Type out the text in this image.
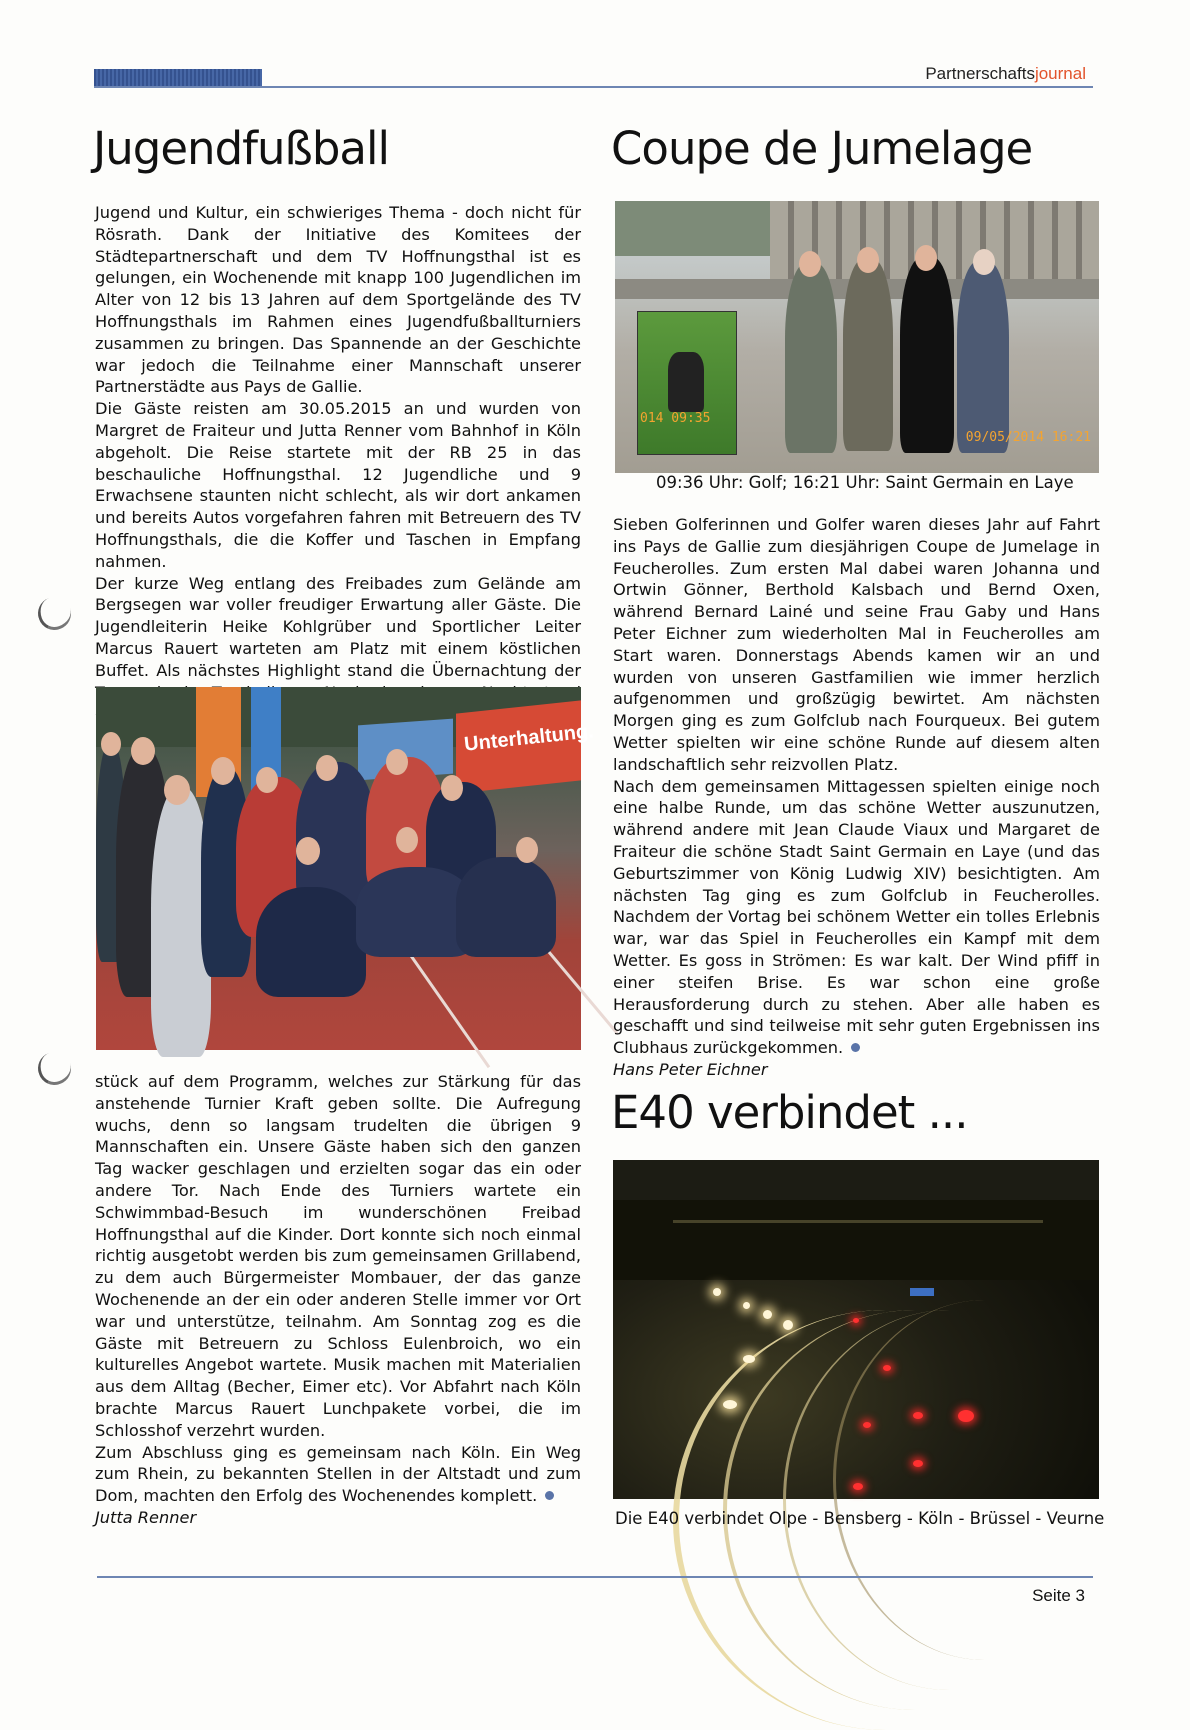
Partnerschaftsjournal
Jugendfußball

Jugend und Kultur, ein schwieriges Thema - doch nicht für Rösrath. Dank der Initiative des Komitees der Städtepartnerschaft und dem TV Hoffnungsthal ist es gelungen, ein Wochenende mit knapp 100 Jugendlichen im Alter von 12 bis 13 Jahren auf dem Sportgelände des TV Hoffnungsthals im Rahmen eines Jugendfußballturniers zusammen zu bringen. Das Spannende an der Geschichte war jedoch die Teilnahme einer Mannschaft unserer Partnerstädte aus Pays de Gallie.

Die Gäste reisten am 30.05.2015 an und wurden von Margret de Fraiteur und Jutta Renner vom Bahnhof in Köln abgeholt. Die Reise startete mit der RB 25 in das beschauliche Hoffnungsthal. 12 Jugendliche und 9 Erwachsene staunten nicht schlecht, als wir dort ankamen und bereits Autos vorgefahren fahren mit Betreuern des TV Hoffnungsthals, die die Koffer und Taschen in Empfang nahmen.

Der kurze Weg entlang des Freibades zum Gelände am Bergsegen war voller freudiger Erwartung aller Gäste. Die Jugendleiterin Heike Kohlgrüber und Sportlicher Leiter Marcus Rauert warteten am Platz mit einem köstlichen Buffet. Als nächstes Highlight stand die Übernachtung der

Unterhaltung.

stück auf dem Programm, welches zur Stärkung für das anstehende Turnier Kraft geben sollte. Die Aufregung wuchs, denn so langsam trudelten die übrigen 9 Mannschaften ein. Unsere Gäste haben sich den ganzen Tag wacker geschlagen und erzielten sogar das ein oder andere Tor. Nach Ende des Turniers wartete ein Schwimmbad-Besuch im wunderschönen Freibad Hoffnungsthal auf die Kinder. Dort konnte sich noch einmal richtig ausgetobt werden bis zum gemeinsamen Grillabend, zu dem auch Bürgermeister Mombauer, der das ganze Wochenende an der ein oder anderen Stelle immer vor Ort war und unterstütze, teilnahm. Am Sonntag zog es die Gäste mit Betreuern zu Schloss Eulenbroich, wo ein kulturelles Angebot wartete. Musik machen mit Materialien aus dem Alltag (Becher, Eimer etc). Vor Abfahrt nach Köln brachte Marcus Rauert Lunchpakete vorbei, die im Schlosshof verzehrt wurden.

Zum Abschluss ging es gemeinsam nach Köln. Ein Weg zum Rhein, zu bekannten Stellen in der Altstadt und zum Dom, machten den Erfolg des Wochenendes komplett.

Jutta Renner

Coupe de Jumelage
014 09:35
09/05/2014 16:21
09:36 Uhr: Golf; 16:21 Uhr: Saint Germain en Laye

Sieben Golferinnen und Golfer waren dieses Jahr auf Fahrt ins Pays de Gallie zum diesjährigen Coupe de Jumelage in Feucherolles. Zum ersten Mal dabei waren Johanna und Ortwin Gönner, Berthold Kalsbach und Bernd Oxen, während Bernard Lainé und seine Frau Gaby und Hans Peter Eichner zum wiederholten Mal in Feucherolles am Start waren. Donnerstags Abends kamen wir an und wurden von unseren Gastfamilien wie immer herzlich aufgenommen und großzügig bewirtet. Am nächsten Morgen ging es zum Golfclub nach Fourqueux. Bei gutem Wetter spielten wir eine schöne Runde auf diesem alten landschaftlich sehr reizvollen Platz.

Nach dem gemeinsamen Mittagessen spielten einige noch eine halbe Runde, um das schöne Wetter auszunutzen, während andere mit Jean Claude Viaux und Margaret de Fraiteur die schöne Stadt Saint Germain en Laye (und das Geburtszimmer von König Ludwig XIV) besichtigten. Am nächsten Tag ging es zum Golfclub in Feucherolles. Nachdem der Vortag bei schönem Wetter ein tolles Erlebnis war, war das Spiel in Feucherolles ein Kampf mit dem Wetter. Es goss in Strömen: Es war kalt. Der Wind pfiff in einer steifen Brise. Es war schon eine große Herausforderung durch zu stehen. Aber alle haben es geschafft und sind teilweise mit sehr guten Ergebnissen ins Clubhaus zurückgekommen.

Hans Peter Eichner

E40 verbindet ...
Die E40 verbindet Olpe - Bensberg - Köln - Brüssel - Veurne
Seite 3
